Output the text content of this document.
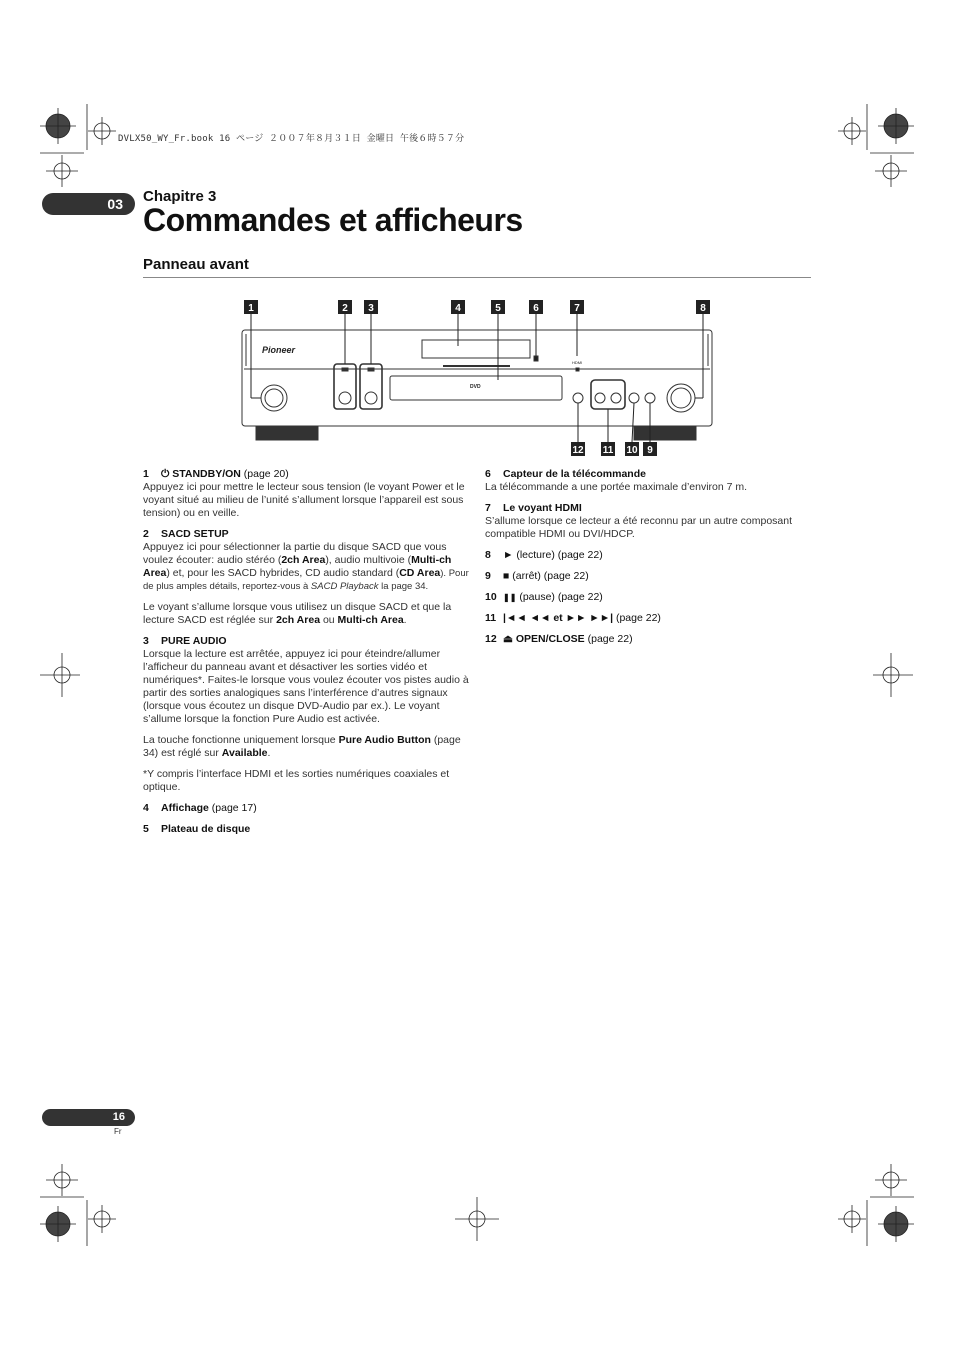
DVLX50_WY_Fr.book 16 ページ ２００７年８月３１日 金曜日 午後６時５７分
03	Chapitre 3
Commandes et afficheurs
Panneau avant
Pioneer
DVD
HDMI
1	2 3	4	5	6	7	8
12 11 10 9

1 ⏻ STANDBY/ON (page 20)

Appuyez ici pour mettre le lecteur sous tension (le voyant Power et le voyant situé au milieu de l’unité s’allument lorsque l’appareil est sous tension) ou en veille.

2 SACD SETUP

Appuyez ici pour sélectionner la partie du disque SACD que vous voulez écouter: audio stéréo (2ch Area), audio multivoie (Multi-ch Area) et, pour les SACD hybrides, CD audio standard (CD Area). Pour de plus amples détails, reportez-vous à SACD Playback la page 34.

Le voyant s’allume lorsque vous utilisez un disque SACD et que la lecture SACD est réglée sur 2ch Area ou Multi-ch Area.

3 PURE AUDIO

Lorsque la lecture est arrêtée, appuyez ici pour éteindre/allumer l’afficheur du panneau avant et désactiver les sorties vidéo et numériques*. Faites-le lorsque vous voulez écouter vos pistes audio à partir des sorties analogiques sans l’interférence d’autres signaux (lorsque vous écoutez un disque DVD-Audio par ex.). Le voyant s’allume lorsque la fonction Pure Audio est activée.

La touche fonctionne uniquement lorsque Pure Audio Button (page 34) est réglé sur Available.

*Y compris l’interface HDMI et les sorties numériques coaxiales et optique.

4 Affichage (page 17)

5 Plateau de disque

6 Capteur de la télécommande

La télécommande a une portée maximale d’environ 7 m.

7 Le voyant HDMI

S’allume lorsque ce lecteur a été reconnu par un autre composant compatible HDMI ou DVI/HDCP.

8 ► (lecture) (page 22)

9 ■ (arrêt) (page 22)

10 ❚❚ (pause) (page 22)

11 |◄◄ ◄◄ et ►► ►►| (page 22)

12 ⏏ OPEN/CLOSE (page 22)

16
Fr
